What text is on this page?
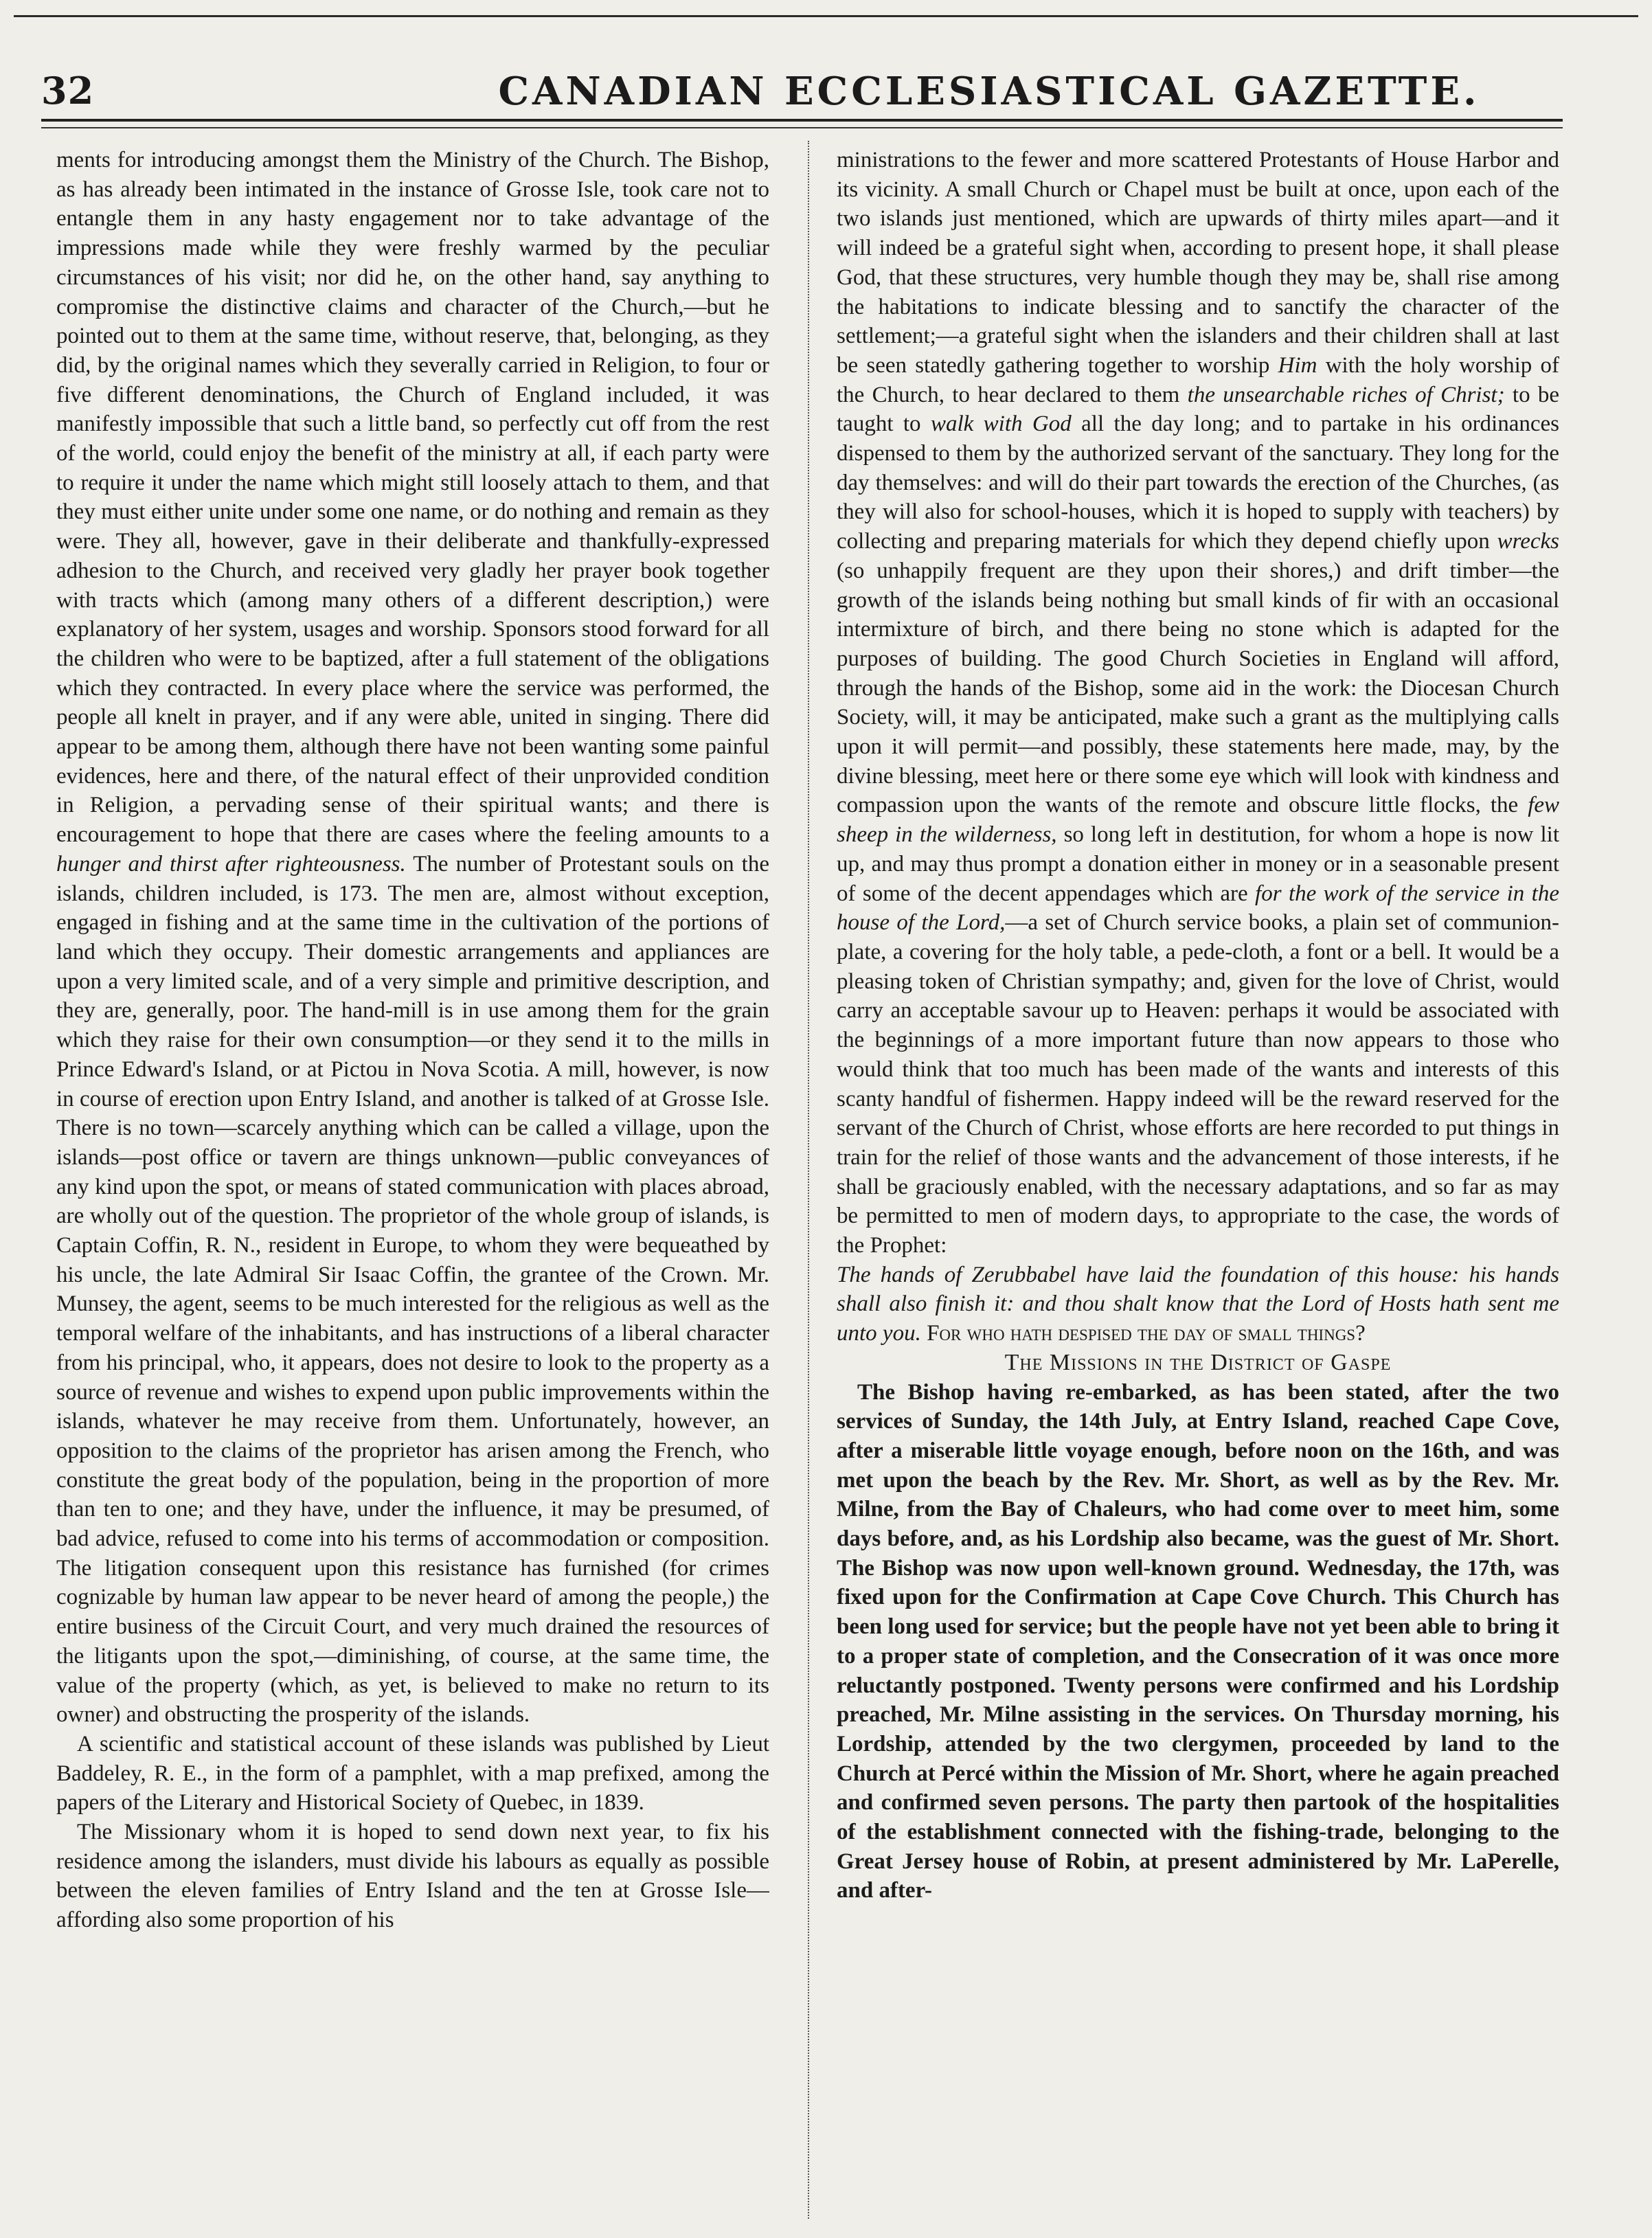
32	CANADIAN ECCLESIASTICAL GAZETTE.

ments for introducing amongst them the Ministry of the Church. The Bishop, as has already been intimated in the instance of Grosse Isle, took care not to entangle them in any hasty engagement nor to take advantage of the impressions made while they were freshly warmed by the peculiar circumstances of his visit; nor did he, on the other hand, say anything to compromise the distinctive claims and character of the Church,—but he pointed out to them at the same time, without reserve, that, belonging, as they did, by the original names which they severally carried in Religion, to four or five different denominations, the Church of England included, it was manifestly impossible that such a little band, so perfectly cut off from the rest of the world, could enjoy the benefit of the ministry at all, if each party were to require it under the name which might still loosely attach to them, and that they must either unite under some one name, or do nothing and remain as they were. They all, however, gave in their deliberate and thankfully-expressed adhesion to the Church, and received very gladly her prayer book together with tracts which (among many others of a different description,) were explanatory of her system, usages and worship. Sponsors stood forward for all the children who were to be baptized, after a full statement of the obligations which they contracted. In every place where the service was performed, the people all knelt in prayer, and if any were able, united in singing. There did appear to be among them, although there have not been wanting some painful evidences, here and there, of the natural effect of their unprovided condition in Religion, a pervading sense of their spiritual wants; and there is encouragement to hope that there are cases where the feeling amounts to a hunger and thirst after righteousness. The number of Protestant souls on the islands, children included, is 173. The men are, almost without exception, engaged in fishing and at the same time in the cultivation of the portions of land which they occupy. Their domestic arrangements and appliances are upon a very limited scale, and of a very simple and primitive description, and they are, generally, poor. The hand-mill is in use among them for the grain which they raise for their own consumption—or they send it to the mills in Prince Edward's Island, or at Pictou in Nova Scotia. A mill, however, is now in course of erection upon Entry Island, and another is talked of at Grosse Isle. There is no town—scarcely anything which can be called a village, upon the islands—post office or tavern are things unknown—public conveyances of any kind upon the spot, or means of stated communication with places abroad, are wholly out of the question. The proprietor of the whole group of islands, is Captain Coffin, R. N., resident in Europe, to whom they were bequeathed by his uncle, the late Admiral Sir Isaac Coffin, the grantee of the Crown. Mr. Munsey, the agent, seems to be much interested for the religious as well as the temporal welfare of the inhabitants, and has instructions of a liberal character from his principal, who, it appears, does not desire to look to the property as a source of revenue and wishes to expend upon public improvements within the islands, whatever he may receive from them. Unfortunately, however, an opposition to the claims of the proprietor has arisen among the French, who constitute the great body of the population, being in the proportion of more than ten to one; and they have, under the influence, it may be presumed, of bad advice, refused to come into his terms of accommodation or composition. The litigation consequent upon this resistance has furnished (for crimes cognizable by human law appear to be never heard of among the people,) the entire business of the Circuit Court, and very much drained the resources of the litigants upon the spot,—diminishing, of course, at the same time, the value of the property (which, as yet, is believed to make no return to its owner) and obstructing the prosperity of the islands.

A scientific and statistical account of these islands was published by Lieut Baddeley, R. E., in the form of a pamphlet, with a map prefixed, among the papers of the Literary and Historical Society of Quebec, in 1839.

The Missionary whom it is hoped to send down next year, to fix his residence among the islanders, must divide his labours as equally as possible between the eleven families of Entry Island and the ten at Grosse Isle—affording also some proportion of his

ministrations to the fewer and more scattered Protestants of House Harbor and its vicinity. A small Church or Chapel must be built at once, upon each of the two islands just mentioned, which are upwards of thirty miles apart—and it will indeed be a grateful sight when, according to present hope, it shall please God, that these structures, very humble though they may be, shall rise among the habitations to indicate blessing and to sanctify the character of the settlement;—a grateful sight when the islanders and their children shall at last be seen statedly gathering together to worship Him with the holy worship of the Church, to hear declared to them the unsearchable riches of Christ; to be taught to walk with God all the day long; and to partake in his ordinances dispensed to them by the authorized servant of the sanctuary. They long for the day themselves: and will do their part towards the erection of the Churches, (as they will also for school-houses, which it is hoped to supply with teachers) by collecting and preparing materials for which they depend chiefly upon wrecks (so unhappily frequent are they upon their shores,) and drift timber—the growth of the islands being nothing but small kinds of fir with an occasional intermixture of birch, and there being no stone which is adapted for the purposes of building. The good Church Societies in England will afford, through the hands of the Bishop, some aid in the work: the Diocesan Church Society, will, it may be anticipated, make such a grant as the multiplying calls upon it will permit—and possibly, these statements here made, may, by the divine blessing, meet here or there some eye which will look with kindness and compassion upon the wants of the remote and obscure little flocks, the few sheep in the wilderness, so long left in destitution, for whom a hope is now lit up, and may thus prompt a donation either in money or in a seasonable present of some of the decent appendages which are for the work of the service in the house of the Lord,—a set of Church service books, a plain set of communion-plate, a covering for the holy table, a pede-cloth, a font or a bell. It would be a pleasing token of Christian sympathy; and, given for the love of Christ, would carry an acceptable savour up to Heaven: perhaps it would be associated with the beginnings of a more important future than now appears to those who would think that too much has been made of the wants and interests of this scanty handful of fishermen. Happy indeed will be the reward reserved for the servant of the Church of Christ, whose efforts are here recorded to put things in train for the relief of those wants and the advancement of those interests, if he shall be graciously enabled, with the necessary adaptations, and so far as may be permitted to men of modern days, to appropriate to the case, the words of the Prophet:

The hands of Zerubbabel have laid the foundation of this house: his hands shall also finish it: and thou shalt know that the Lord of Hosts hath sent me unto you. For who hath despised the day of small things?

The Missions in the District of Gaspe

The Bishop having re-embarked, as has been stated, after the two services of Sunday, the 14th July, at Entry Island, reached Cape Cove, after a miserable little voyage enough, before noon on the 16th, and was met upon the beach by the Rev. Mr. Short, as well as by the Rev. Mr. Milne, from the Bay of Chaleurs, who had come over to meet him, some days before, and, as his Lordship also became, was the guest of Mr. Short. The Bishop was now upon well-known ground. Wednesday, the 17th, was fixed upon for the Confirmation at Cape Cove Church. This Church has been long used for service; but the people have not yet been able to bring it to a proper state of completion, and the Consecration of it was once more reluctantly postponed. Twenty persons were confirmed and his Lordship preached, Mr. Milne assisting in the services. On Thursday morning, his Lordship, attended by the two clergymen, proceeded by land to the Church at Percé within the Mission of Mr. Short, where he again preached and confirmed seven persons. The party then partook of the hospitalities of the establishment connected with the fishing-trade, belonging to the Great Jersey house of Robin, at present administered by Mr. LaPerelle, and after-
